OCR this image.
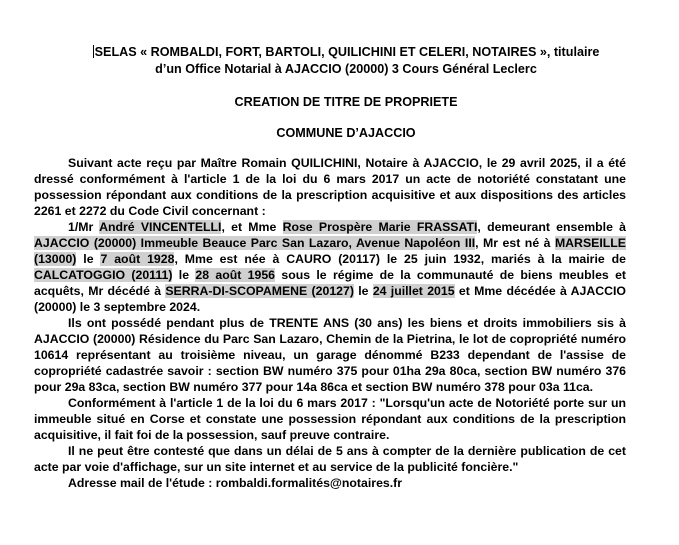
SELAS « ROMBALDI, FORT, BARTOLI, QUILICHINI ET CELERI, NOTAIRES », titulaire
d’un Office Notarial à AJACCIO (20000) 3 Cours Général Leclerc
CREATION DE TITRE DE PROPRIETE
COMMUNE D’AJACCIO

Suivant acte reçu par Maître Romain QUILICHINI, Notaire à AJACCIO, le 29 avril 2025, il a été dressé conformément à l'article 1 de la loi du 6 mars 2017 un acte de notoriété constatant une possession répondant aux conditions de la prescription acquisitive et aux dispositions des articles 2261 et 2272 du Code Civil concernant :

1/Mr André VINCENTELLI, et Mme Rose Prospère Marie FRASSATI, demeurant ensemble à AJACCIO (20000) Immeuble Beauce Parc San Lazaro, Avenue Napoléon III, Mr est né à MARSEILLE (13000) le 7 août 1928, Mme est née à CAURO (20117) le 25 juin 1932, mariés à la mairie de CALCATOGGIO (20111) le 28 août 1956 sous le régime de la communauté de biens meubles et acquêts, Mr décédé à SERRA-DI-SCOPAMENE (20127) le 24 juillet 2015 et Mme décédée à AJACCIO (20000) le 3 septembre 2024.

Ils ont possédé pendant plus de TRENTE ANS (30 ans) les biens et droits immobiliers sis à AJACCIO (20000) Résidence du Parc San Lazaro, Chemin de la Pietrina, le lot de copropriété numéro 10614 représentant au troisième niveau, un garage dénommé B233 dependant de l'assise de copropriété cadastrée savoir : section BW numéro 375 pour 01ha 29a 80ca, section BW numéro 376 pour 29a 83ca, section BW numéro 377 pour 14a 86ca et section BW numéro 378 pour 03a 11ca.

Conformément à l'article 1 de la loi du 6 mars 2017 : "Lorsqu'un acte de Notoriété porte sur un immeuble situé en Corse et constate une possession répondant aux conditions de la prescription acquisitive, il fait foi de la possession, sauf preuve contraire.

Il ne peut être contesté que dans un délai de 5 ans à compter de la dernière publication de cet acte par voie d'affichage, sur un site internet et au service de la publicité foncière."

Adresse mail de l'étude : rombaldi.formalités@notaires.fr
